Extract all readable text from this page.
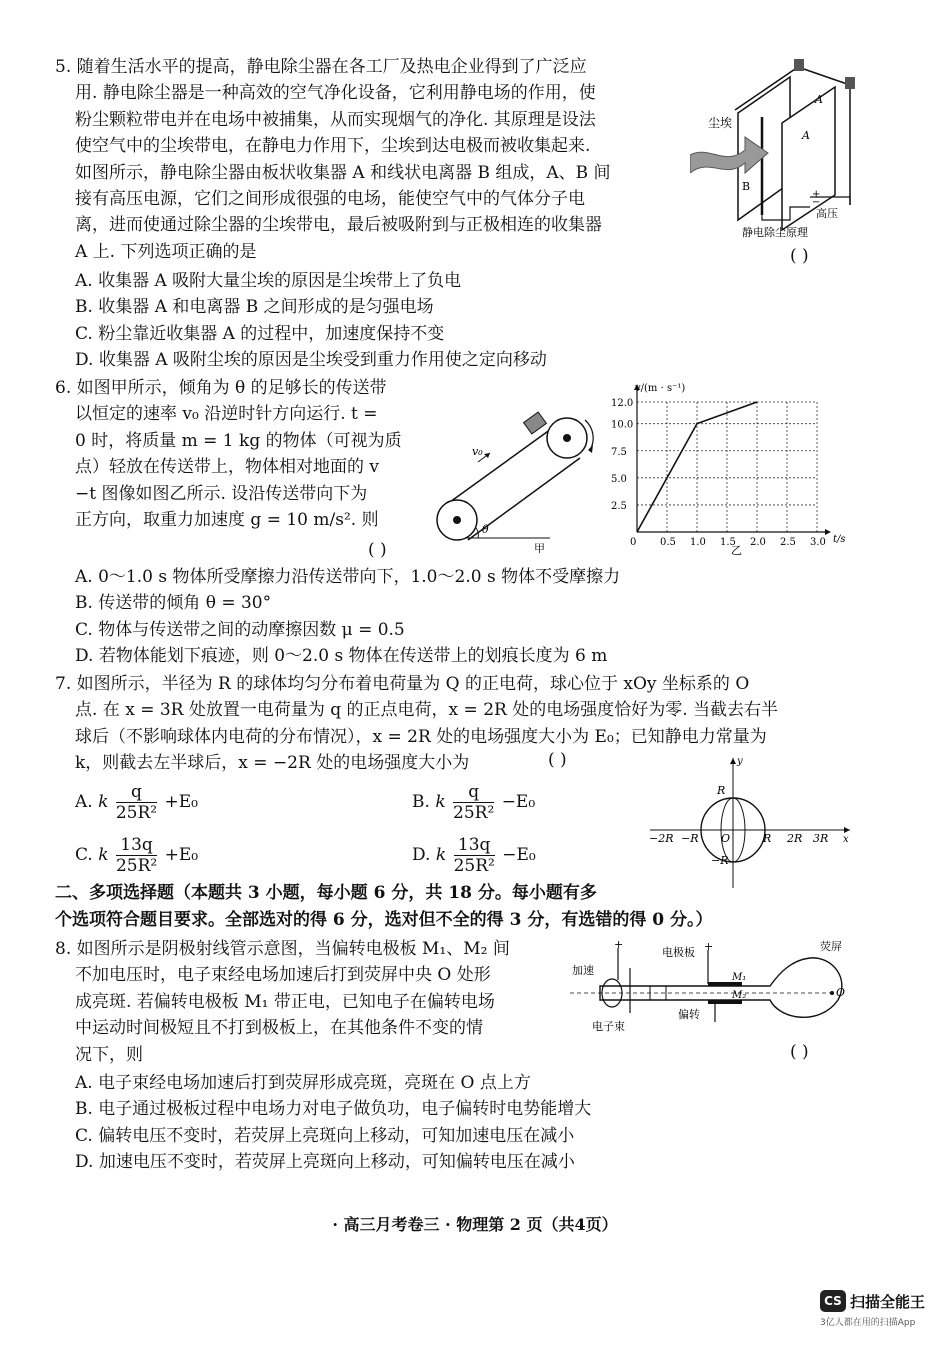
5. 随着生活水平的提高，静电除尘器在各工厂及热电企业得到了广泛应
用. 静电除尘器是一种高效的空气净化设备，它利用静电场的作用，使
粉尘颗粒带电并在电场中被捕集，从而实现烟气的净化. 其原理是设法
使空气中的尘埃带电，在静电力作用下，尘埃到达电极而被收集起来.
如图所示，静电除尘器由板状收集器 A 和线状电离器 B 组成，A、B 间
接有高压电源，它们之间形成很强的电场，能使空气中的气体分子电
离，进而使通过除尘器的尘埃带电，最后被吸附到与正极相连的收集器
A 上. 下列选项正确的是	( )
A. 收集器 A 吸附大量尘埃的原因是尘埃带上了负电
B. 收集器 A 和电离器 B 之间形成的是匀强电场
C. 粉尘靠近收集器 A 的过程中，加速度保持不变
D. 收集器 A 吸附尘埃的原因是尘埃受到重力作用使之定向移动
−
+
A
A
B
尘埃
高压
静电除尘原理
6. 如图甲所示，倾角为 θ 的足够长的传送带
以恒定的速率 v₀ 沿逆时针方向运行. t =
0 时，将质量 m = 1 kg 的物体（可视为质
点）轻放在传送带上，物体相对地面的 v
−t 图像如图乙所示. 设沿传送带向下为
正方向，取重力加速度 g = 10 m/s². 则
( )
v₀
θ
甲	0 0.5 1.0 1.5 2.0 2.5 3.0
2.5
5.0
7.5
10.0
12.0
v/(m · s⁻¹)
t/s
乙
A. 0～1.0 s 物体所受摩擦力沿传送带向下，1.0～2.0 s 物体不受摩擦力
B. 传送带的倾角 θ = 30°
C. 物体与传送带之间的动摩擦因数 μ = 0.5
D. 若物体能划下痕迹，则 0～2.0 s 物体在传送带上的划痕长度为 6 m
7. 如图所示，半径为 R 的球体均匀分布着电荷量为 Q 的正电荷，球心位于 xOy 坐标系的 O
点. 在 x = 3R 处放置一电荷量为 q 的正点电荷，x = 2R 处的电场强度恰好为零. 当截去右半
球后（不影响球体内电荷的分布情况），x = 2R 处的电场强度大小为 E₀；已知静电力常量为
k，则截去左半球后，x = −2R 处的电场强度大小为	( )
A. k $\frac{q}{\text{25R²}} +E_0$	B. k $\frac{q}{\text{25R²}} -E_0$
C. k $\frac{13q}{\text{25R²}} +E_0$	D. k $\frac{13q}{\text{25R²}} -E_0$
y
x
R
−R
O
−2R −R	R 2R 3R
二、多项选择题（本题共 3 小题，每小题 6 分，共 18 分。每小题有多
个选项符合题目要求。全部选对的得 6 分，选对但不全的得 3 分，有选错的得 0 分。）
8. 如图所示是阴极射线管示意图，当偏转电极板 M₁、M₂ 间
不加电压时，电子束经电场加速后打到荧屏中央 O 处形
成亮斑. 若偏转电极板 M₁ 带正电，已知电子在偏转电场
中运动时间极短且不打到极板上，在其他条件不变的情
况下，则	( )
+	+
加速
电极板	荧屏
M₁
M₂	O
电子束
偏转
A. 电子束经电场加速后打到荧屏形成亮斑，亮斑在 O 点上方
B. 电子通过极板过程中电场力对电子做负功，电子偏转时电势能增大
C. 偏转电压不变时，若荧屏上亮斑向上移动，可知加速电压在减小
D. 加速电压不变时，若荧屏上亮斑向上移动，可知偏转电压在减小
· 高三月考卷三 · 物理第 2 页（共4页）
CS 扫描全能王
3亿人都在用的扫描App
